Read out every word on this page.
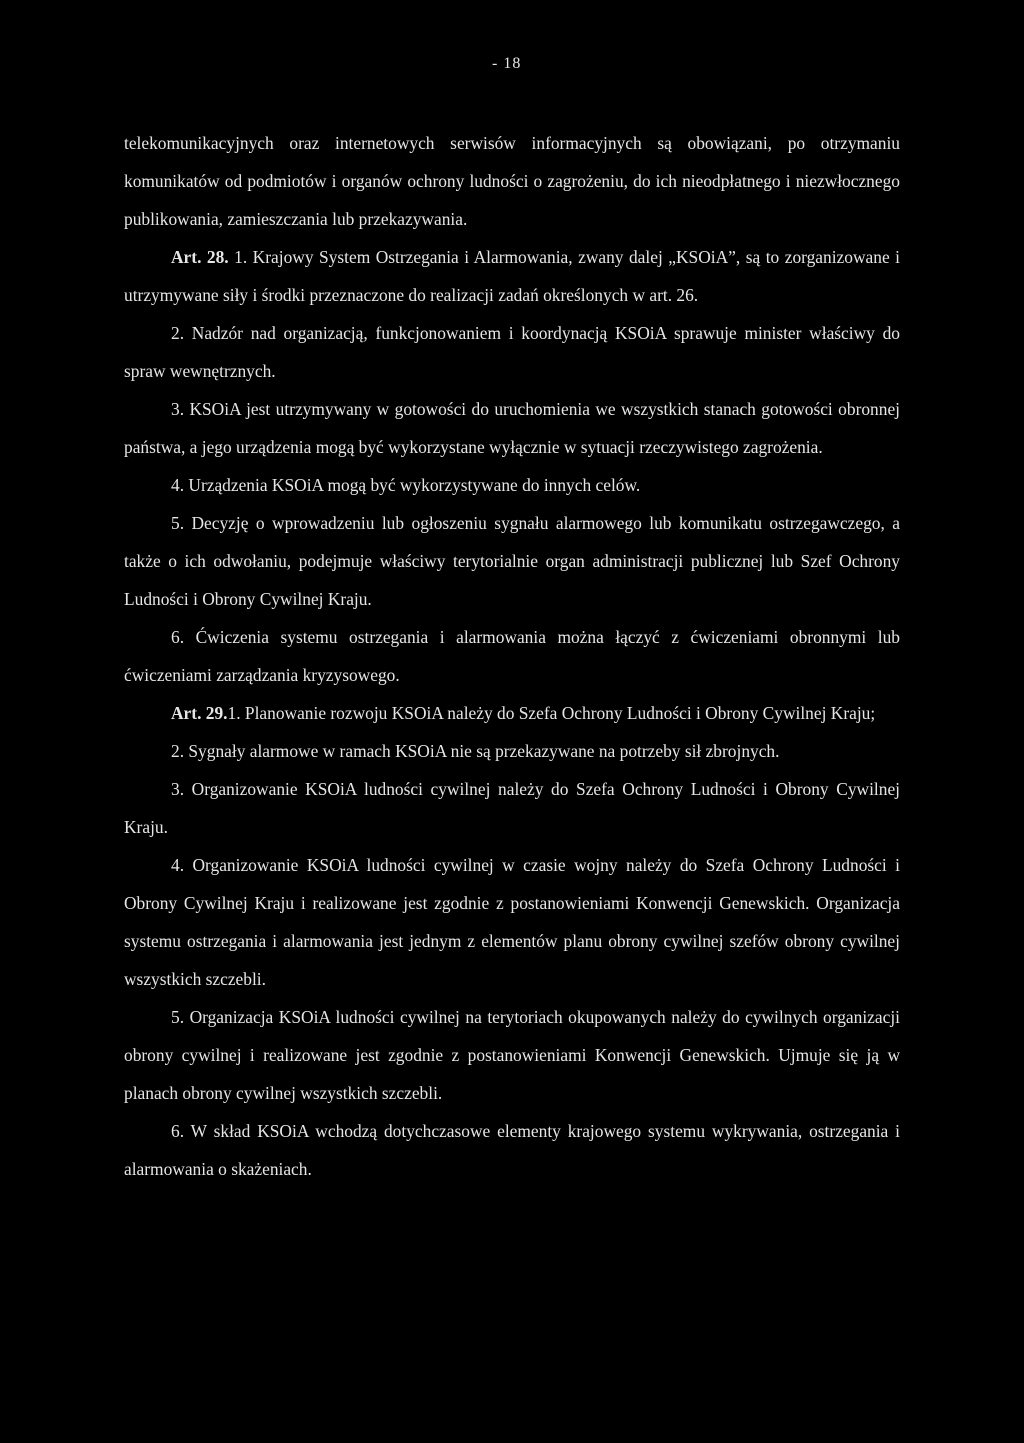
- 18

telekomunikacyjnych oraz internetowych serwisów informacyjnych są obowiązani, po otrzymaniu komunikatów od podmiotów i organów ochrony ludności o zagrożeniu, do ich nieodpłatnego i niezwłocznego publikowania, zamieszczania lub przekazywania.

Art. 28. 1. Krajowy System Ostrzegania i Alarmowania, zwany dalej „KSOiA”, są to zorganizowane i utrzymywane siły i środki przeznaczone do realizacji zadań określonych w art. 26.

2. Nadzór nad organizacją, funkcjonowaniem i koordynacją KSOiA sprawuje minister właściwy do spraw wewnętrznych.

3. KSOiA jest utrzymywany w gotowości do uruchomienia we wszystkich stanach gotowości obronnej państwa, a jego urządzenia mogą być wykorzystane wyłącznie w sytuacji rzeczywistego zagrożenia.

4. Urządzenia KSOiA mogą być wykorzystywane do innych celów.

5. Decyzję o wprowadzeniu lub ogłoszeniu sygnału alarmowego lub komunikatu ostrzegawczego, a także o ich odwołaniu, podejmuje właściwy terytorialnie organ administracji publicznej lub Szef Ochrony Ludności i Obrony Cywilnej Kraju.

6. Ćwiczenia systemu ostrzegania i alarmowania można łączyć z ćwiczeniami obronnymi lub ćwiczeniami zarządzania kryzysowego.

Art. 29.1. Planowanie rozwoju KSOiA należy do Szefa Ochrony Ludności i Obrony Cywilnej Kraju;

2. Sygnały alarmowe w ramach KSOiA nie są przekazywane na potrzeby sił zbrojnych.

3. Organizowanie KSOiA ludności cywilnej należy do Szefa Ochrony Ludności i Obrony Cywilnej Kraju.

4. Organizowanie KSOiA ludności cywilnej w czasie wojny należy do Szefa Ochrony Ludności i Obrony Cywilnej Kraju i realizowane jest zgodnie z postanowieniami Konwencji Genewskich. Organizacja systemu ostrzegania i alarmowania jest jednym z elementów planu obrony cywilnej szefów obrony cywilnej wszystkich szczebli.

5. Organizacja KSOiA ludności cywilnej na terytoriach okupowanych należy do cywilnych organizacji obrony cywilnej i realizowane jest zgodnie z postanowieniami Konwencji Genewskich. Ujmuje się ją w planach obrony cywilnej wszystkich szczebli.

6. W skład KSOiA wchodzą dotychczasowe elementy krajowego systemu wykrywania, ostrzegania i alarmowania o skażeniach.
